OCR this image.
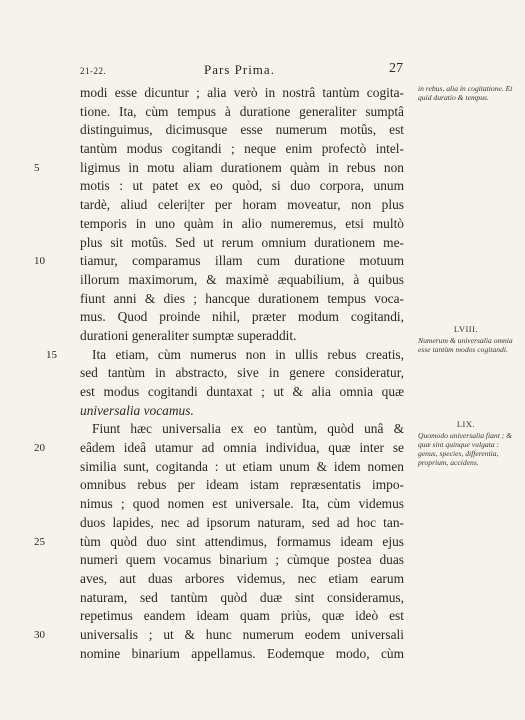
21-22.	Pars Prima.	27
modi esse dicuntur ; alia verò in nostrâ tantùm cogita-
tione. Ita, cùm tempus à duratione generaliter sumptâ
distinguimus, dicimusque esse numerum motûs, est
tantùm modus cogitandi ; neque enim profectò intel-
5	ligimus in motu aliam durationem quàm in rebus non
motis : ut patet ex eo quòd, si duo corpora, unum
tardè, aliud celeri|ter per horam moveatur, non plus
temporis in uno quàm in alio numeremus, etsi multò
plus sit motûs. Sed ut rerum omnium durationem me-
10	tiamur, comparamus illam cum duratione motuum
illorum maximorum, & maximè æquabilium, à quibus
fiunt anni & dies ; hancque durationem tempus voca-
mus. Quod proinde nihil, præter modum cogitandi,
durationi generaliter sumptæ superaddit.
15	Ita etiam, cùm numerus non in ullis rebus creatis,
sed tantùm in abstracto, sive in genere consideratur,
est modus cogitandi duntaxat ; ut & alia omnia quæ
universalia vocamus.
Fiunt hæc universalia ex eo tantùm, quòd unâ &
20	eâdem ideâ utamur ad omnia individua, quæ inter se
similia sunt, cogitanda : ut etiam unum & idem nomen
omnibus rebus per ideam istam repræsentatis impo-
nimus ; quod nomen est universale. Ita, cùm videmus
duos lapides, nec ad ipsorum naturam, sed ad hoc tan-
25	tùm quòd duo sint attendimus, formamus ideam ejus
numeri quem vocamus binarium ; cùmque postea duas
aves, aut duas arbores videmus, nec etiam earum
naturam, sed tantùm quòd duæ sint consideramus,
repetimus eandem ideam quam priùs, quæ ideò est
30	universalis ; ut & hunc numerum eodem universali
nomine binarium appellamus. Eodemque modo, cùm
in rebus, alia in cogitatione. Et quid duratio & tempus.
LVIII.
Numerum & universalia omnia esse tantùm modos cogitandi.
LIX.
Quomodo universalia fiant ; & quæ sint quinque vulgata : genus, species, differentia, proprium, accidens.
